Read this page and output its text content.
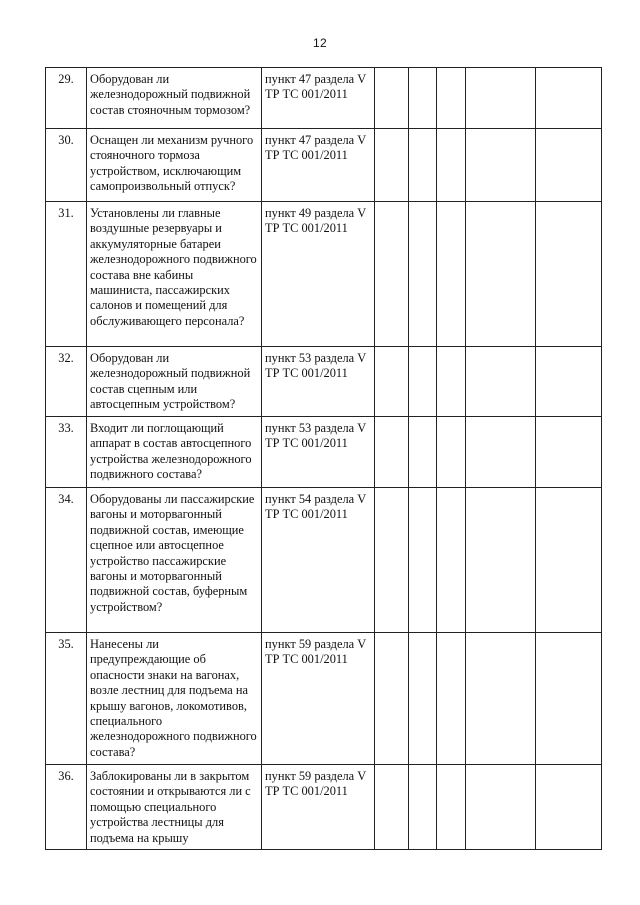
12
29.	Оборудован ли железнодорожный подвижной состав стояночным тормозом?	пункт 47 раздела V ТР ТС 001/2011					
30.	Оснащен ли механизм ручного стояночного тормоза устройством, исключающим самопроизвольный отпуск?	пункт 47 раздела V ТР ТС 001/2011					
31.	Установлены ли главные воздушные резервуары и аккумуляторные батареи железнодорожного подвижного состава вне кабины машиниста, пассажирских салонов и помещений для обслуживающего персонала?	пункт 49 раздела V ТР ТС 001/2011					
32.	Оборудован ли железнодорожный подвижной состав сцепным или автосцепным устройством?	пункт 53 раздела V ТР ТС 001/2011					
33.	Входит ли поглощающий аппарат в состав автосцепного устройства железнодорожного подвижного состава?	пункт 53 раздела V ТР ТС 001/2011					
34.	Оборудованы ли пассажирские вагоны и моторвагонный подвижной состав, имеющие сцепное или автосцепное устройство пассажирские вагоны и моторвагонный подвижной состав, буферным устройством?	пункт 54 раздела V ТР ТС 001/2011					
35.	Нанесены ли предупреждающие об опасности знаки на вагонах, возле лестниц для подъема на крышу вагонов, локомотивов, специального железнодорожного подвижного состава?	пункт 59 раздела V ТР ТС 001/2011					
36.	Заблокированы ли в закрытом состоянии и открываются ли с помощью специального устройства лестницы для подъема на крышу	пункт 59 раздела V ТР ТС 001/2011					
